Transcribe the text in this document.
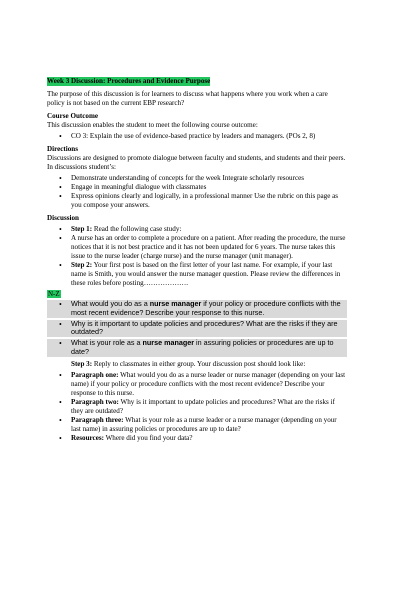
Week 3 Discussion: Procedures and Evidence Purpose

The purpose of this discussion is for learners to discuss what happens where you work when a care policy is not based on the current EBP research?

Course Outcome

This discussion enables the student to meet the following course outcome:

• CO 3: Explain the use of evidence-based practice by leaders and managers. (POs 2, 8)

Directions

Discussions are designed to promote dialogue between faculty and students, and students and their peers. In discussions student’s:

• Demonstrate understanding of concepts for the week Integrate scholarly resources
• Engage in meaningful dialogue with classmates
• Express opinions clearly and logically, in a professional manner Use the rubric on this page as you compose your answers.

Discussion

• Step 1: Read the following case study:
• A nurse has an order to complete a procedure on a patient. After reading the procedure, the nurse notices that it is not best practice and it has not been updated for 6 years. The nurse takes this issue to the nurse leader (charge nurse) and the nurse manager (unit manager).
• Step 2: Your first post is based on the first letter of your last name. For example, if your last name is Smith, you would answer the nurse manager question. Please review the differences in these roles before posting……………….
N-Z
• What would you do as a nurse manager if your policy or procedure conflicts with the most recent evidence? Describe your response to this nurse.
• Why is it important to update policies and procedures? What are the risks if they are outdated?
• What is your role as a nurse manager in assuring policies or procedures are up to date?

Step 3: Reply to classmates in either group. Your discussion post should look like:

• Paragraph one: What would you do as a nurse leader or nurse manager (depending on your last name) if your policy or procedure conflicts with the most recent evidence? Describe your response to this nurse.
• Paragraph two: Why is it important to update policies and procedures? What are the risks if they are outdated?
• Paragraph three: What is your role as a nurse leader or a nurse manager (depending on your last name) in assuring policies or procedures are up to date?
• Resources: Where did you find your data?
